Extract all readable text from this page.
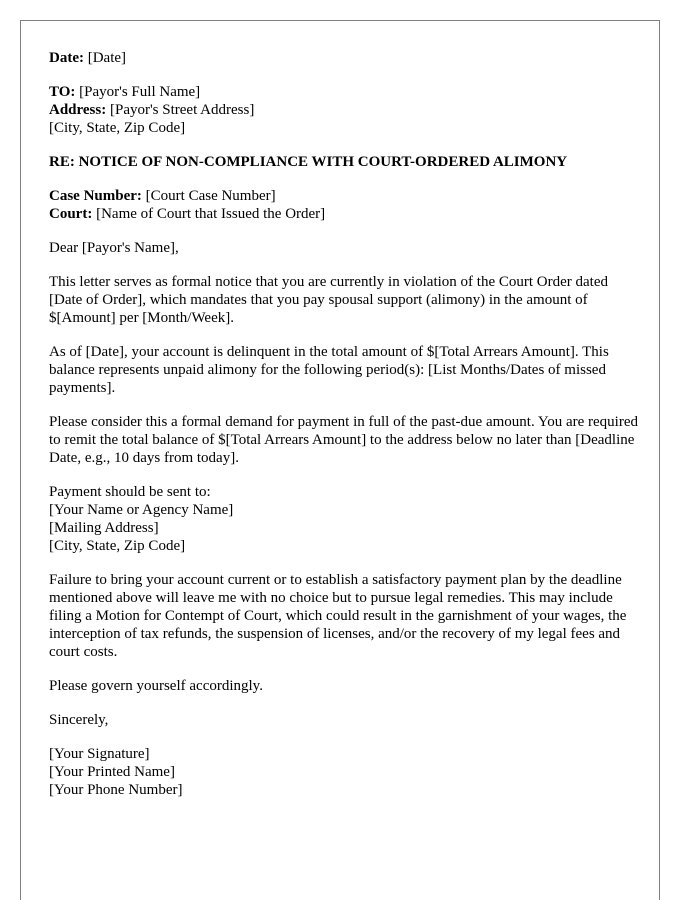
Date: [Date]

TO: [Payor's Full Name]
Address: [Payor's Street Address]
[City, State, Zip Code]

RE: NOTICE OF NON-COMPLIANCE WITH COURT-ORDERED ALIMONY

Case Number: [Court Case Number]
Court: [Name of Court that Issued the Order]

Dear [Payor's Name],

This letter serves as formal notice that you are currently in violation of the Court Order dated [Date of Order], which mandates that you pay spousal support (alimony) in the amount of $[Amount] per [Month/Week].

As of [Date], your account is delinquent in the total amount of $[Total Arrears Amount]. This balance represents unpaid alimony for the following period(s): [List Months/Dates of missed payments].

Please consider this a formal demand for payment in full of the past-due amount. You are required to remit the total balance of $[Total Arrears Amount] to the address below no later than [Deadline Date, e.g., 10 days from today].

Payment should be sent to:
[Your Name or Agency Name]
[Mailing Address]
[City, State, Zip Code]

Failure to bring your account current or to establish a satisfactory payment plan by the deadline mentioned above will leave me with no choice but to pursue legal remedies. This may include filing a Motion for Contempt of Court, which could result in the garnishment of your wages, the interception of tax refunds, the suspension of licenses, and/or the recovery of my legal fees and court costs.

Please govern yourself accordingly.

Sincerely,

[Your Signature]
[Your Printed Name]
[Your Phone Number]
